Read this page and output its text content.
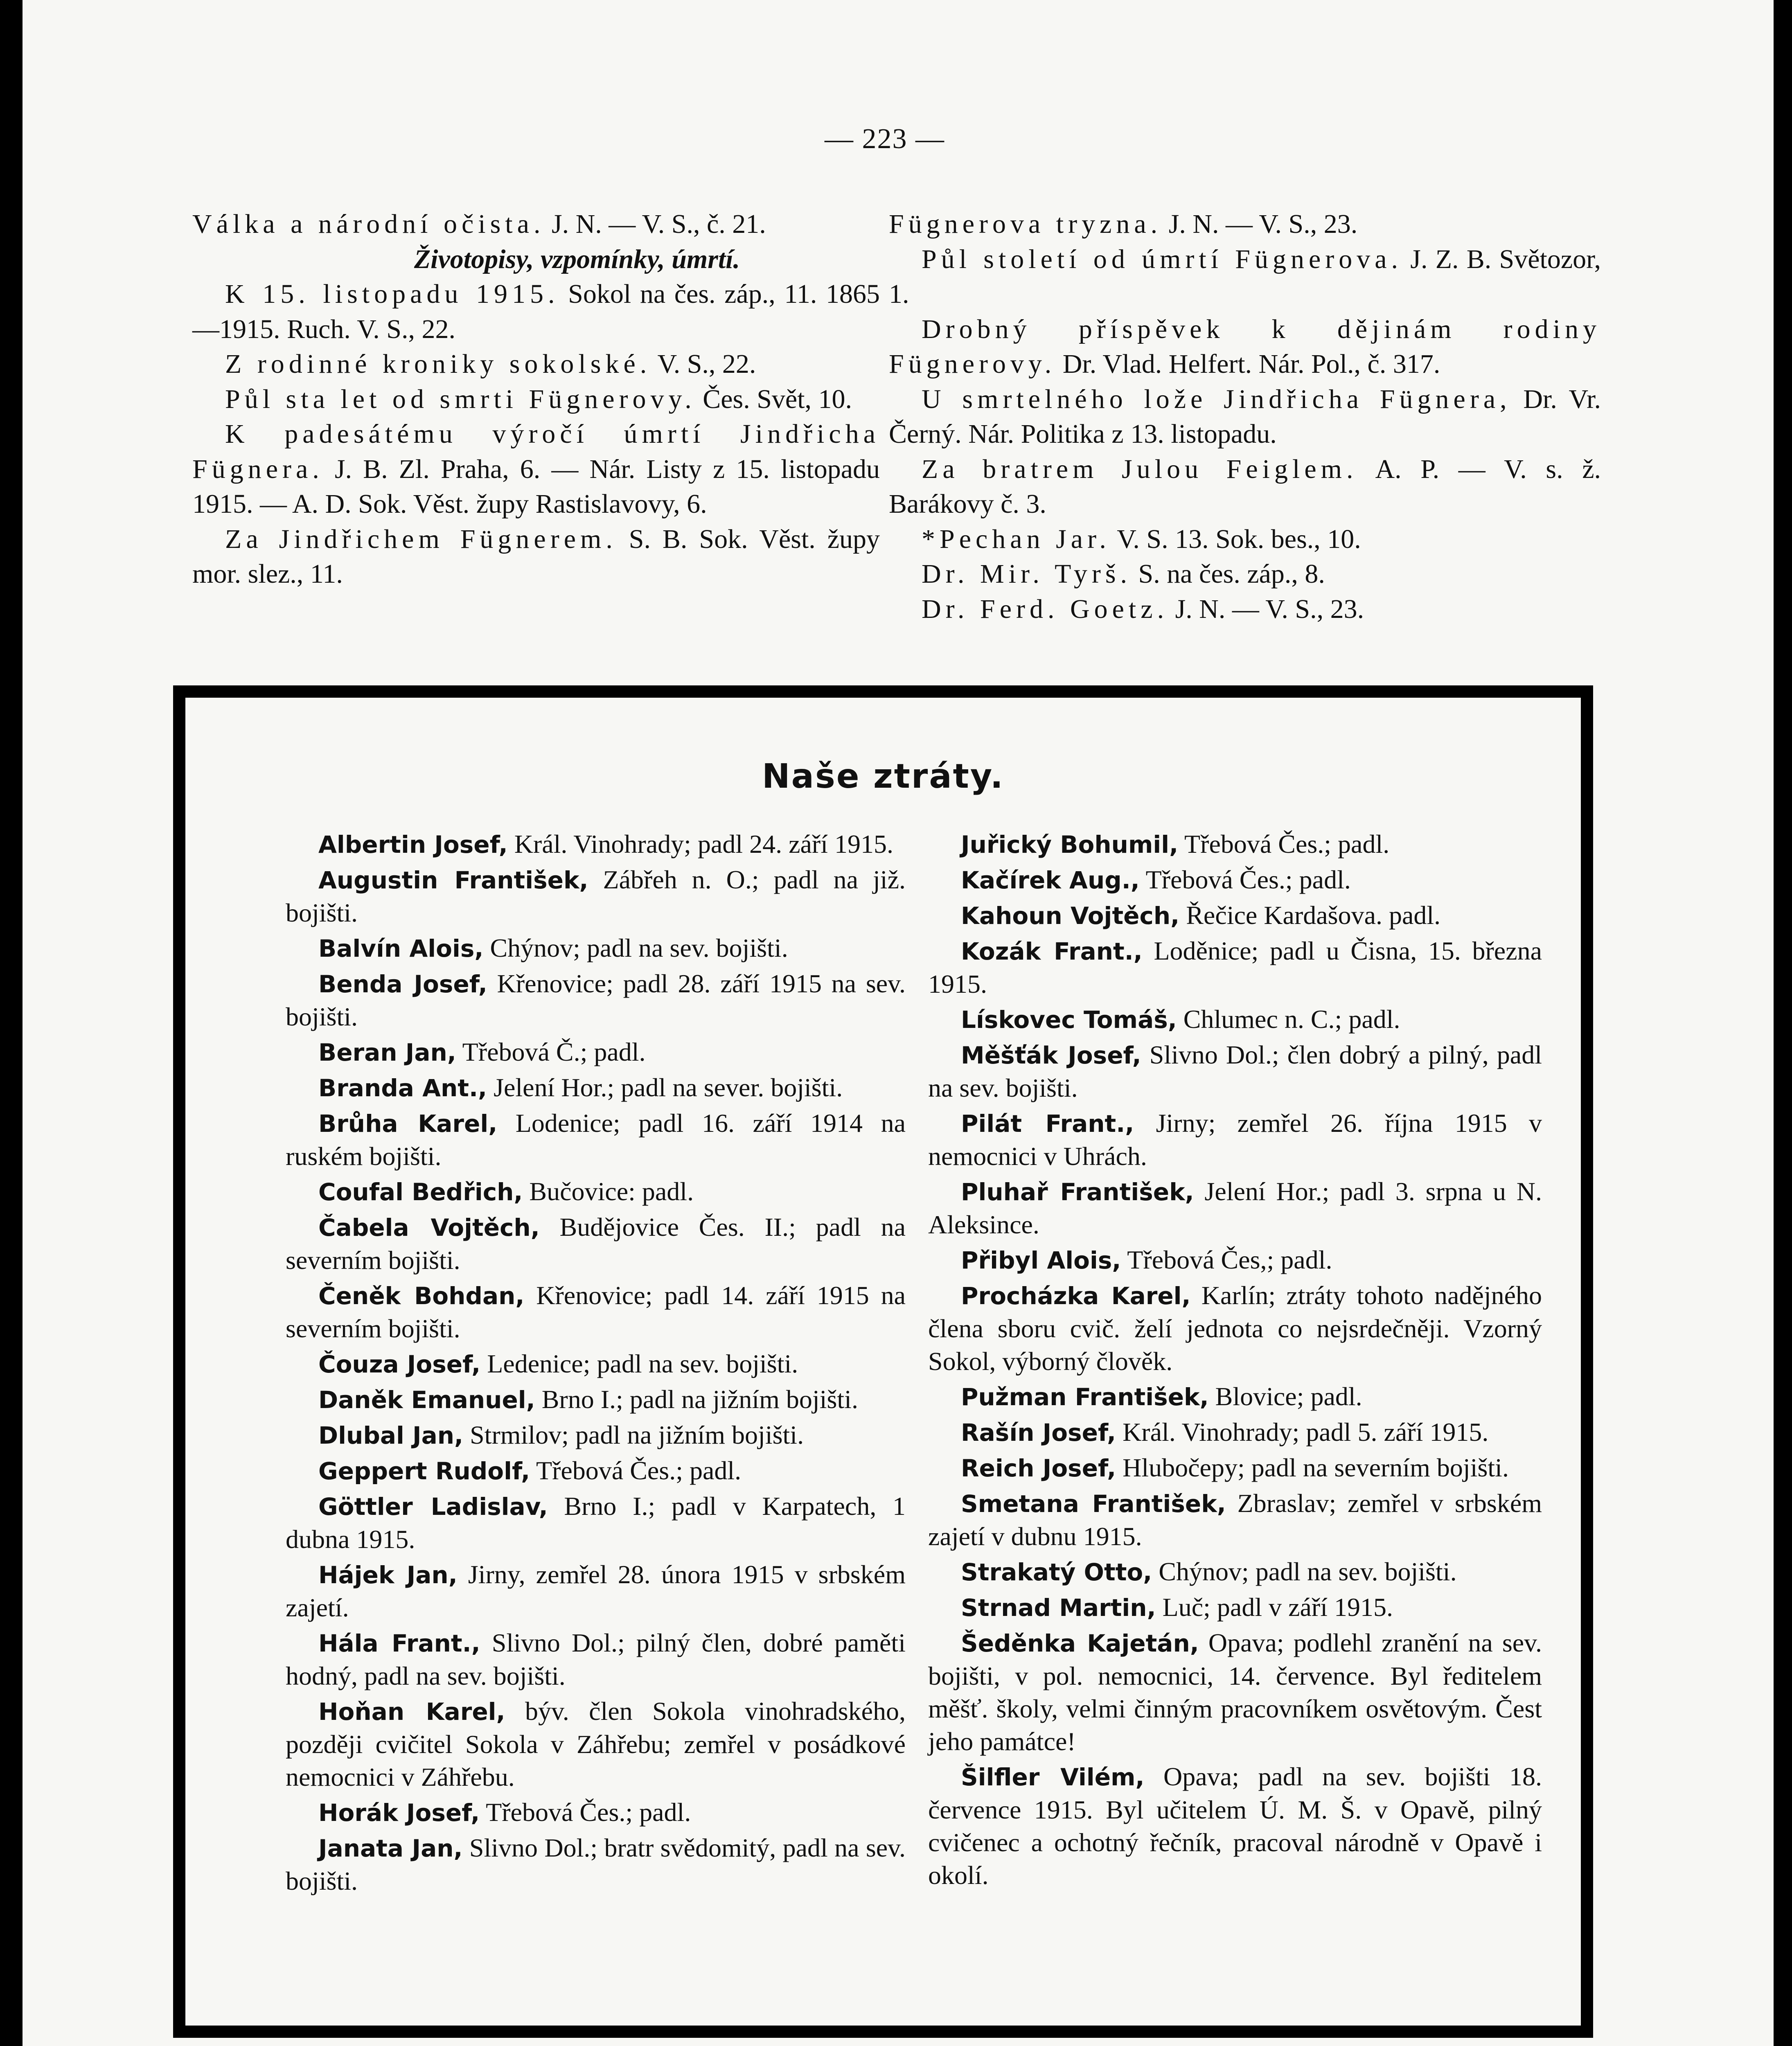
— 223 —
Válka a národní očista. J. N. — V. S., č. 21.
Životopisy, vzpomínky, úmrtí.
K 15. listopadu 1915. Sokol na čes. záp., 11. 1865—1915. Ruch. V. S., 22.
Z rodinné kroniky sokolské. V. S., 22.
Půl sta let od smrti Fügnerovy. Čes. Svět, 10.
K padesátému výročí úmrtí Jindřicha Fügnera. J. B. Zl. Praha, 6. — Nár. Listy z 15. listopadu 1915. — A. D. Sok. Věst. župy Rastislavovy, 6.
Za Jindřichem Fügnerem. S. B. Sok. Věst. župy mor. slez., 11.
Fügnerova tryzna. J. N. — V. S., 23.
Půl století od úmrtí Fügnerova. J. Z. B. Světozor, 1.
Drobný příspěvek k dějinám rodiny Fügnerovy. Dr. Vlad. Helfert. Nár. Pol., č. 317.
U smrtelného lože Jindřicha Fügnera, Dr. Vr. Černý. Nár. Politika z 13. listopadu.
Za bratrem Julou Feiglem. A. P. — V. s. ž. Barákovy č. 3.
*Pechan Jar. V. S. 13. Sok. bes., 10.
Dr. Mir. Tyrš. S. na čes. záp., 8.
Dr. Ferd. Goetz. J. N. — V. S., 23.
Naše ztráty.
Albertin Josef, Král. Vinohrady; padl 24. září 1915.
Augustin František, Zábřeh n. O.; padl na již. bojišti.
Balvín Alois, Chýnov; padl na sev. bojišti.
Benda Josef, Křenovice; padl 28. září 1915 na sev. bojišti.
Beran Jan, Třebová Č.; padl.
Branda Ant., Jelení Hor.; padl na sever. bojišti.
Brůha Karel, Lodenice; padl 16. září 1914 na ruském bojišti.
Coufal Bedřich, Bučovice: padl.
Čabela Vojtěch, Budějovice Čes. II.; padl na severním bojišti.
Čeněk Bohdan, Křenovice; padl 14. září 1915 na severním bojišti.
Čouza Josef, Ledenice; padl na sev. bojišti.
Daněk Emanuel, Brno I.; padl na jižním bojišti.
Dlubal Jan, Strmilov; padl na jižním bojišti.
Geppert Rudolf, Třebová Čes.; padl.
Göttler Ladislav, Brno I.; padl v Karpatech, 1 dubna 1915.
Hájek Jan, Jirny, zemřel 28. února 1915 v srbském zajetí.
Hála Frant., Slivno Dol.; pilný člen, dobré paměti hodný, padl na sev. bojišti.
Hoňan Karel, býv. člen Sokola vinohradského, později cvičitel Sokola v Záhřebu; zemřel v posádkové nemocnici v Záhřebu.
Horák Josef, Třebová Čes.; padl.
Janata Jan, Slivno Dol.; bratr svědomitý, padl na sev. bojišti.
Juřický Bohumil, Třebová Čes.; padl.
Kačírek Aug., Třebová Čes.; padl.
Kahoun Vojtěch, Řečice Kardašova. padl.
Kozák Frant., Loděnice; padl u Čisna, 15. března 1915.
Lískovec Tomáš, Chlumec n. C.; padl.
Měšťák Josef, Slivno Dol.; člen dobrý a pilný, padl na sev. bojišti.
Pilát Frant., Jirny; zemřel 26. října 1915 v nemocnici v Uhrách.
Pluhař František, Jelení Hor.; padl 3. srpna u N. Aleksince.
Přibyl Alois, Třebová Čes,; padl.
Procházka Karel, Karlín; ztráty tohoto nadějného člena sboru cvič. želí jednota co nejsrdečněji. Vzorný Sokol, výborný člověk.
Pužman František, Blovice; padl.
Rašín Josef, Král. Vinohrady; padl 5. září 1915.
Reich Josef, Hlubočepy; padl na severním bojišti.
Smetana František, Zbraslav; zemřel v srbském zajetí v dubnu 1915.
Strakatý Otto, Chýnov; padl na sev. bojišti.
Strnad Martin, Luč; padl v září 1915.
Šeděnka Kajetán, Opava; podlehl zranění na sev. bojišti, v pol. nemocnici, 14. července. Byl ředitelem měšť. školy, velmi činným pracovníkem osvětovým. Čest jeho památce!
Šilfler Vilém, Opava; padl na sev. bojišti 18. července 1915. Byl učitelem Ú. M. Š. v Opavě, pilný cvičenec a ochotný řečník, pracoval národně v Opavě i okolí.
